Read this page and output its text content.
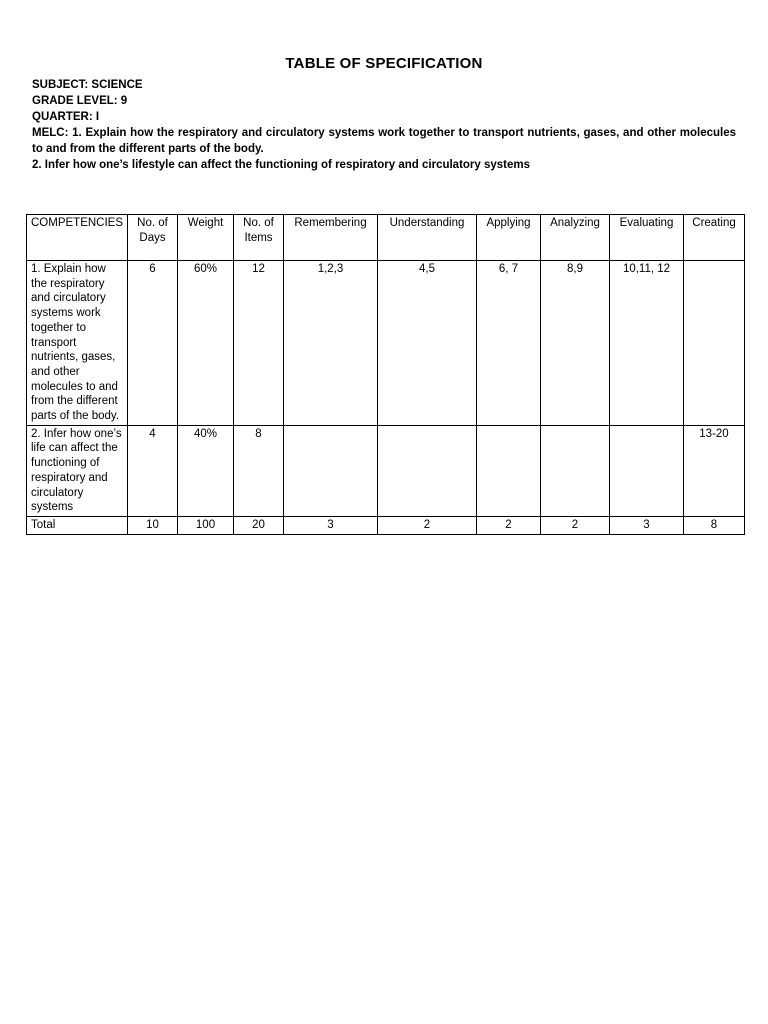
TABLE OF SPECIFICATION
SUBJECT: SCIENCE
GRADE LEVEL: 9
QUARTER: I
MELC: 1. Explain how the respiratory and circulatory systems work together to transport nutrients, gases, and other molecules to and from the different parts of the body.
2. Infer how one’s lifestyle can affect the functioning of respiratory and circulatory systems
COMPETENCIES	No. of Days	Weight	No. of Items	Remembering	Understanding	Applying	Analyzing	Evaluating	Creating
1. Explain how the respiratory and circulatory systems work together to transport nutrients, gases, and other molecules to and from the different parts of the body.	6	60%	12	1,2,3	4,5	6, 7	8,9	10,11, 12	
2. Infer how one’s life can affect the functioning of respiratory and circulatory systems	4	40%	8						13-20
Total	10	100	20	3	2	2	2	3	8
